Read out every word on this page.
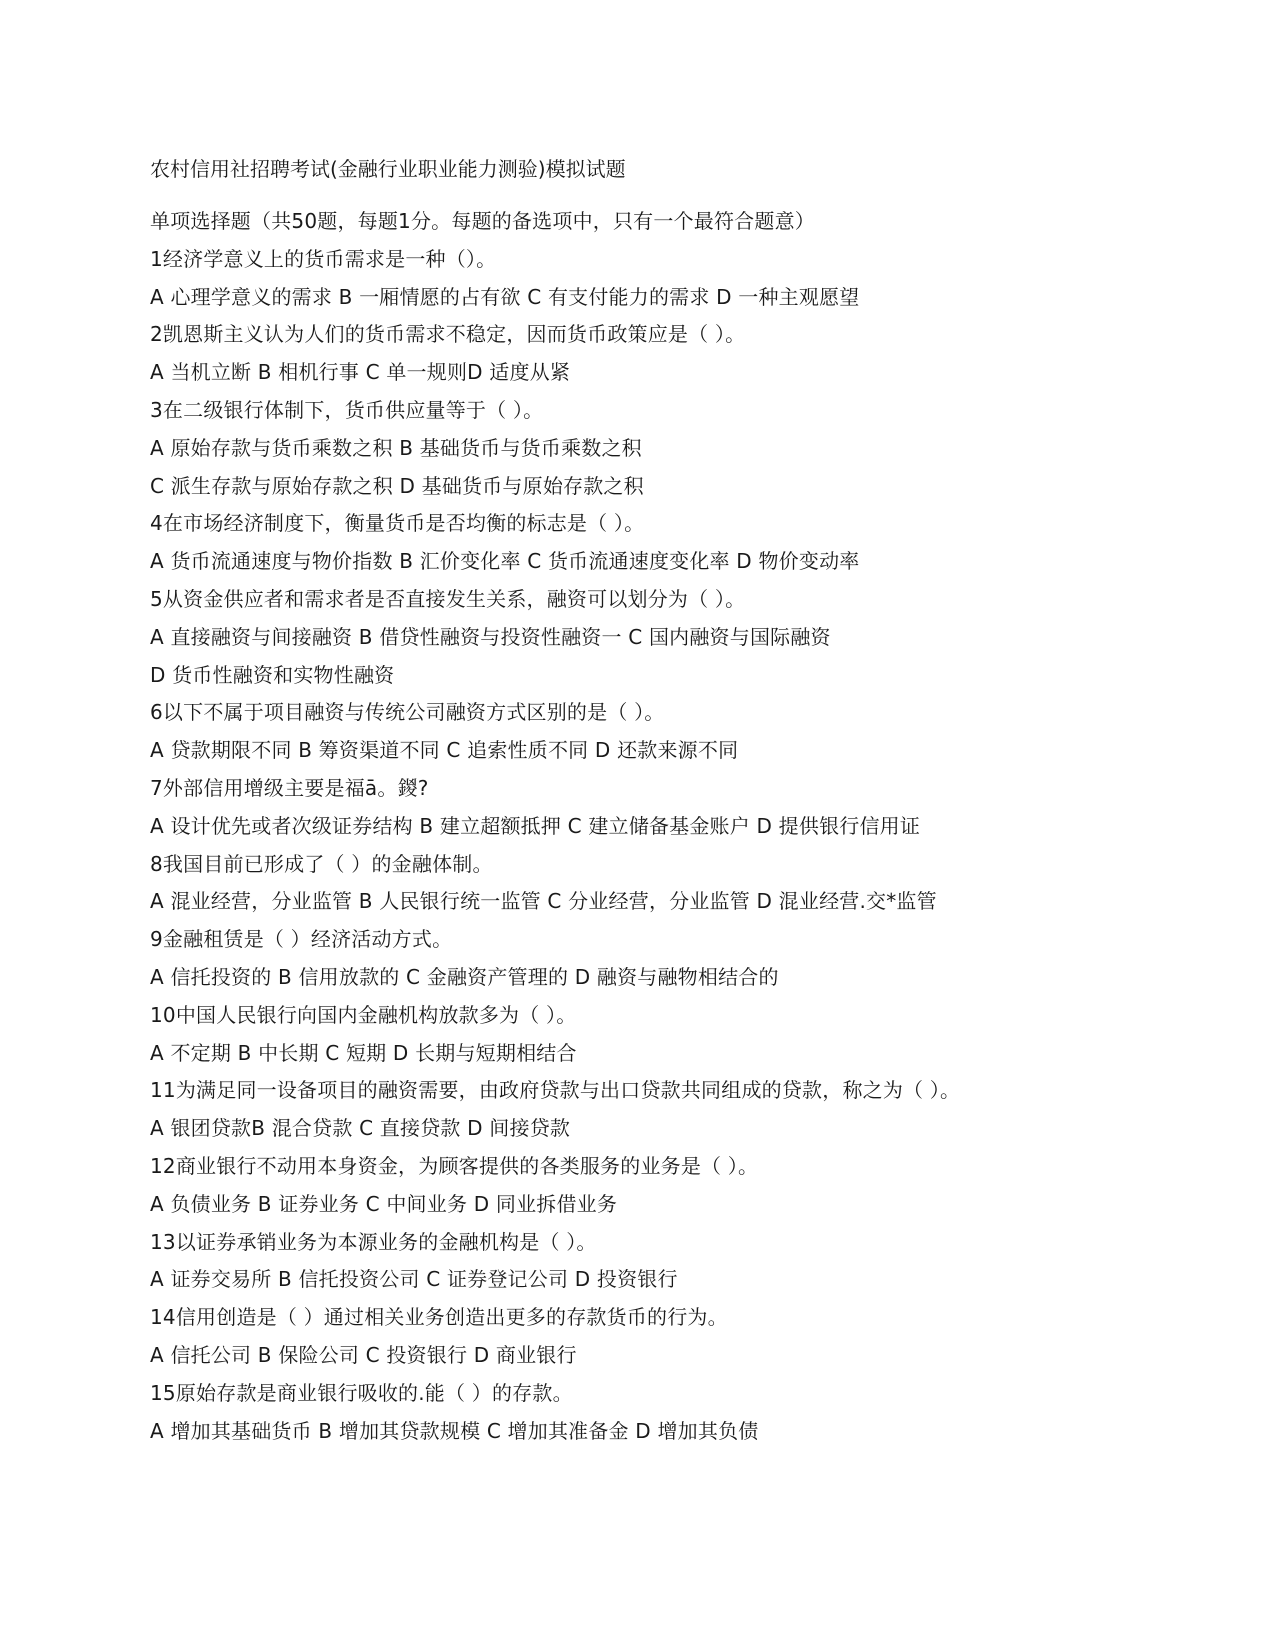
农村信用社招聘考试(金融行业职业能力测验)模拟试题
单项选择题（共50题，每题1分。每题的备选项中，只有一个最符合题意）
1经济学意义上的货币需求是一种（）。
A 心理学意义的需求 B 一厢情愿的占有欲 C 有支付能力的需求 D 一种主观愿望
2凯恩斯主义认为人们的货币需求不稳定，因而货币政策应是（ ）。
A 当机立断 B 相机行事 C 单一规则D 适度从紧
3在二级银行体制下，货币供应量等于（ ）。
A 原始存款与货币乘数之积 B 基础货币与货币乘数之积
C 派生存款与原始存款之积 D 基础货币与原始存款之积
4在市场经济制度下，衡量货币是否均衡的标志是（ ）。
A 货币流通速度与物价指数 B 汇价变化率 C 货币流通速度变化率 D 物价变动率
5从资金供应者和需求者是否直接发生关系，融资可以划分为（ ）。
A 直接融资与间接融资 B 借贷性融资与投资性融资一 C 国内融资与国际融资
D 货币性融资和实物性融资
6以下不属于项目融资与传统公司融资方式区别的是（ ）。
A 贷款期限不同 B 筹资渠道不同 C 追索性质不同 D 还款来源不同
7外部信用增级主要是福ā。鍐?
A 设计优先或者次级证券结构 B 建立超额抵押 C 建立储备基金账户 D 提供银行信用证
8我国目前已形成了（ ）的金融体制。
A 混业经营，分业监管 B 人民银行统一监管 C 分业经营，分业监管 D 混业经营.交*监管
9金融租赁是（ ）经济活动方式。
A 信托投资的 B 信用放款的 C 金融资产管理的 D 融资与融物相结合的
10中国人民银行向国内金融机构放款多为（ ）。
A 不定期 B 中长期 C 短期 D 长期与短期相结合
11为满足同一设备项目的融资需要，由政府贷款与出口贷款共同组成的贷款，称之为（ ）。
A 银团贷款B 混合贷款 C 直接贷款 D 间接贷款
12商业银行不动用本身资金，为顾客提供的各类服务的业务是（ ）。
A 负债业务 B 证券业务 C 中间业务 D 同业拆借业务
13以证券承销业务为本源业务的金融机构是（ ）。
A 证券交易所 B 信托投资公司 C 证券登记公司 D 投资银行
14信用创造是（ ）通过相关业务创造出更多的存款货币的行为。
A 信托公司 B 保险公司 C 投资银行 D 商业银行
15原始存款是商业银行吸收的.能（ ）的存款。
A 增加其基础货币 B 增加其贷款规模 C 增加其准备金 D 增加其负债
